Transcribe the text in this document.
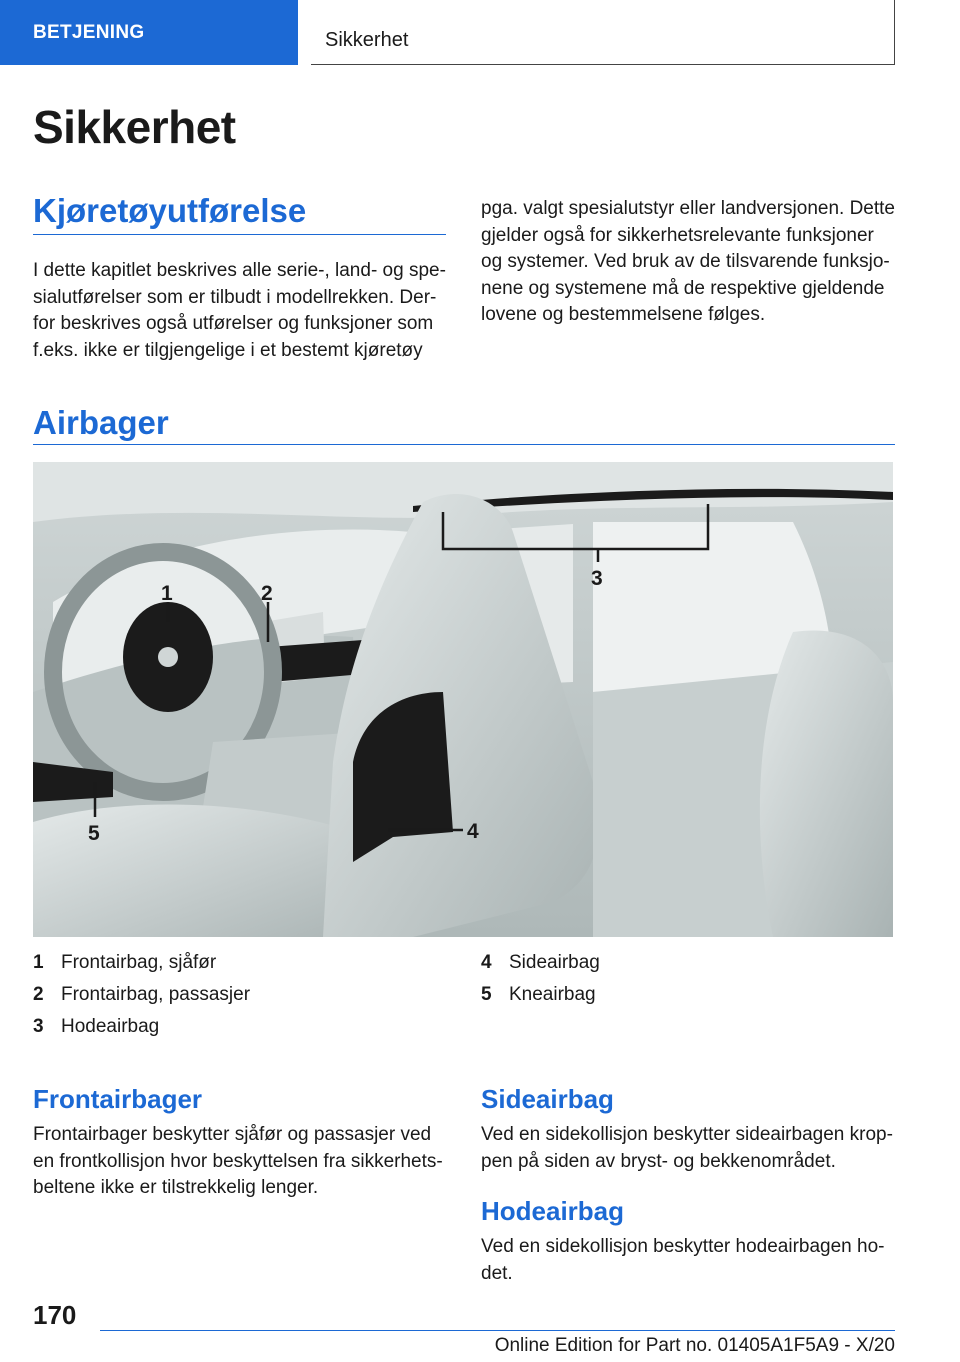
BETJENING	Sikkerhet
Sikkerhet
Kjøretøyutførelse
I dette kapitlet beskrives alle serie-, land- og spe-
sialutførelser som er tilbudt i modellrekken. Der-
for beskrives også utførelser og funksjoner som
f.eks. ikke er tilgjengelige i et bestemt kjøretøy
pga. valgt spesialutstyr eller landversjonen. Dette
gjelder også for sikkerhetsrelevante funksjoner
og systemer. Ved bruk av de tilsvarende funksjo-
nene og systemene må de respektive gjeldende
lovene og bestemmelsene følges.
Airbager
1	2
3
4
5
1 Frontairbag, sjåfør
2 Frontairbag, passasjer
3 Hodeairbag
4 Sideairbag
5 Kneairbag
Frontairbager
Frontairbager beskytter sjåfør og passasjer ved
en frontkollisjon hvor beskyttelsen fra sikkerhets-
beltene ikke er tilstrekkelig lenger.
Sideairbag
Ved en sidekollisjon beskytter sideairbagen krop-
pen på siden av bryst- og bekkenområdet.
Hodeairbag
Ved en sidekollisjon beskytter hodeairbagen ho-
det.
170
Online Edition for Part no. 01405A1F5A9 - X/20
